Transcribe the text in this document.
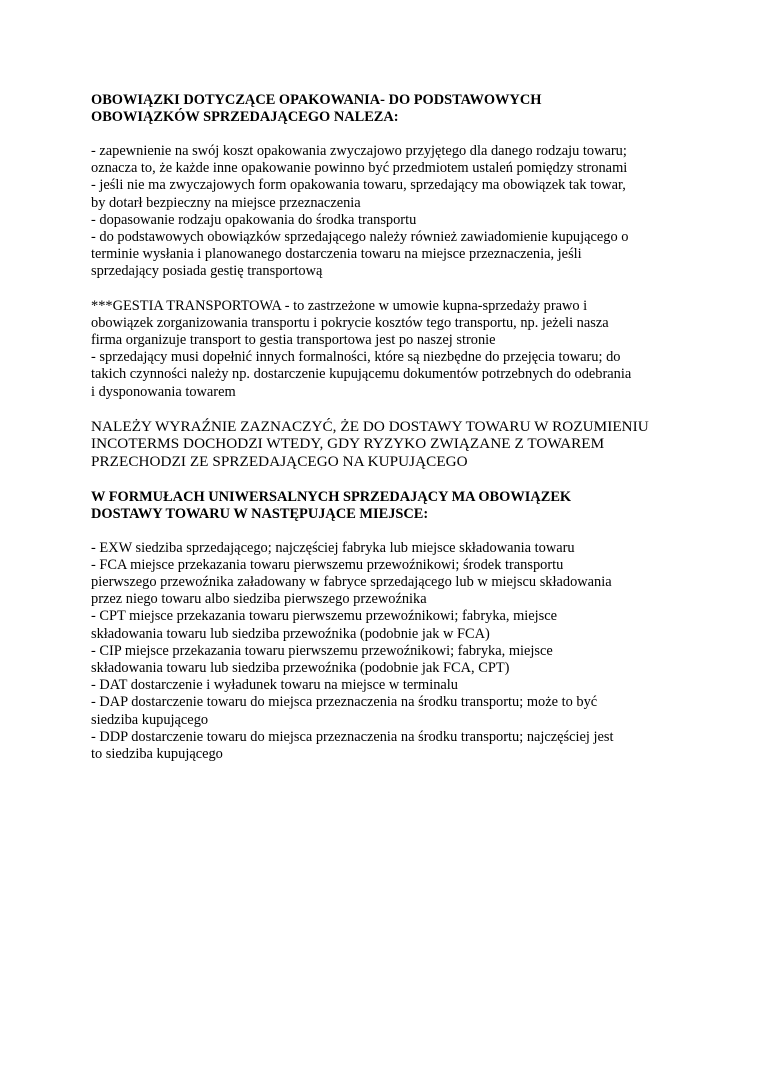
OBOWIĄZKI DOTYCZĄCE OPAKOWANIA- DO PODSTAWOWYCH
OBOWIĄZKÓW SPRZEDAJĄCEGO NALEZA:
- zapewnienie na swój koszt opakowania zwyczajowo przyjętego dla danego rodzaju towaru;
oznacza to, że każde inne opakowanie powinno być przedmiotem ustaleń pomiędzy stronami
- jeśli nie ma zwyczajowych form opakowania towaru, sprzedający ma obowiązek tak towar,
by dotarł bezpieczny na miejsce przeznaczenia
- dopasowanie rodzaju opakowania do środka transportu
- do podstawowych obowiązków sprzedającego należy również zawiadomienie kupującego o
terminie wysłania i planowanego dostarczenia towaru na miejsce przeznaczenia, jeśli
sprzedający posiada gestię transportową
***GESTIA TRANSPORTOWA - to zastrzeżone w umowie kupna-sprzedaży prawo i
obowiązek zorganizowania transportu i pokrycie kosztów tego transportu, np. jeżeli nasza
firma organizuje transport to gestia transportowa jest po naszej stronie
- sprzedający musi dopełnić innych formalności, które są niezbędne do przejęcia towaru; do
takich czynności należy np. dostarczenie kupującemu dokumentów potrzebnych do odebrania
i dysponowania towarem
NALEŻY WYRAŹNIE ZAZNACZYĆ, ŻE DO DOSTAWY TOWARU W ROZUMIENIU
INCOTERMS DOCHODZI WTEDY, GDY RYZYKO ZWIĄZANE Z TOWAREM
PRZECHODZI ZE SPRZEDAJĄCEGO NA KUPUJĄCEGO
W FORMUŁACH UNIWERSALNYCH SPRZEDAJĄCY MA OBOWIĄZEK
DOSTAWY TOWARU W NASTĘPUJĄCE MIEJSCE:
- EXW siedziba sprzedającego; najczęściej fabryka lub miejsce składowania towaru
- FCA miejsce przekazania towaru pierwszemu przewoźnikowi; środek transportu
pierwszego przewoźnika załadowany w fabryce sprzedającego lub w miejscu składowania
przez niego towaru albo siedziba pierwszego przewoźnika
- CPT miejsce przekazania towaru pierwszemu przewoźnikowi; fabryka, miejsce
składowania towaru lub siedziba przewoźnika (podobnie jak w FCA)
- CIP miejsce przekazania towaru pierwszemu przewoźnikowi; fabryka, miejsce
składowania towaru lub siedziba przewoźnika (podobnie jak FCA, CPT)
- DAT dostarczenie i wyładunek towaru na miejsce w terminalu
- DAP dostarczenie towaru do miejsca przeznaczenia na środku transportu; może to być
siedziba kupującego
- DDP dostarczenie towaru do miejsca przeznaczenia na środku transportu; najczęściej jest
to siedziba kupującego
